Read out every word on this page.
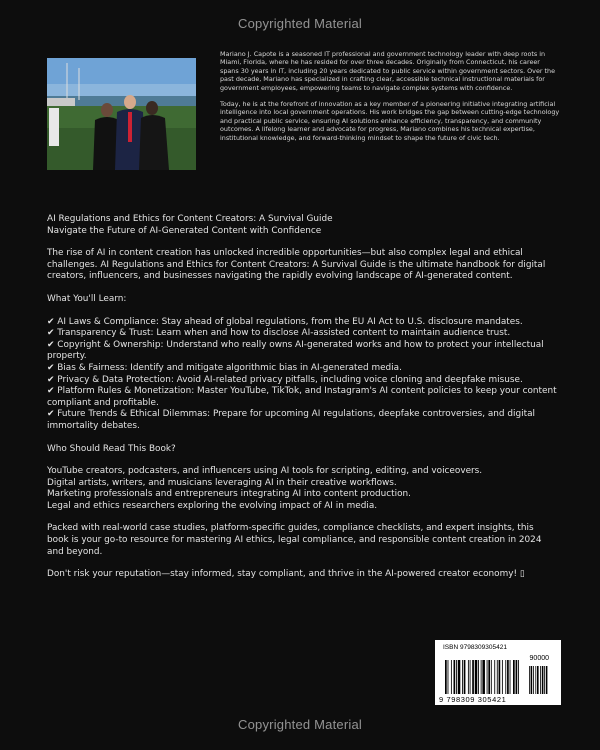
Copyrighted Material

Mariano J. Capote is a seasoned IT professional and government technology leader with deep roots in Miami, Florida, where he has resided for over three decades. Originally from Connecticut, his career spans 30 years in IT, including 20 years dedicated to public service within government sectors. Over the past decade, Mariano has specialized in crafting clear, accessible technical instructional materials for government employees, empowering teams to navigate complex systems with confidence.

Today, he is at the forefront of innovation as a key member of a pioneering initiative integrating artificial intelligence into local government operations. His work bridges the gap between cutting-edge technology and practical public service, ensuring AI solutions enhance efficiency, transparency, and community outcomes. A lifelong learner and advocate for progress, Mariano combines his technical expertise, institutional knowledge, and forward-thinking mindset to shape the future of civic tech.

AI Regulations and Ethics for Content Creators: A Survival Guide

Navigate the Future of AI-Generated Content with Confidence

The rise of AI in content creation has unlocked incredible opportunities—but also complex legal and ethical challenges. AI Regulations and Ethics for Content Creators: A Survival Guide is the ultimate handbook for digital creators, influencers, and businesses navigating the rapidly evolving landscape of AI-generated content.

What You'll Learn:

✔ AI Laws & Compliance: Stay ahead of global regulations, from the EU AI Act to U.S. disclosure mandates.

✔ Transparency & Trust: Learn when and how to disclose AI-assisted content to maintain audience trust.

✔ Copyright & Ownership: Understand who really owns AI-generated works and how to protect your intellectual property.

✔ Bias & Fairness: Identify and mitigate algorithmic bias in AI-generated media.

✔ Privacy & Data Protection: Avoid AI-related privacy pitfalls, including voice cloning and deepfake misuse.

✔ Platform Rules & Monetization: Master YouTube, TikTok, and Instagram's AI content policies to keep your content compliant and profitable.

✔ Future Trends & Ethical Dilemmas: Prepare for upcoming AI regulations, deepfake controversies, and digital immortality debates.

Who Should Read This Book?

YouTube creators, podcasters, and influencers using AI tools for scripting, editing, and voiceovers.

Digital artists, writers, and musicians leveraging AI in their creative workflows.

Marketing professionals and entrepreneurs integrating AI into content production.

Legal and ethics researchers exploring the evolving impact of AI in media.

Packed with real-world case studies, platform-specific guides, compliance checklists, and expert insights, this book is your go-to resource for mastering AI ethics, legal compliance, and responsible content creation in 2024 and beyond.

Don't risk your reputation—stay informed, stay compliant, and thrive in the AI-powered creator economy! ▯

ISBN 9798309305421
90000
9 798309 305421
Copyrighted Material
